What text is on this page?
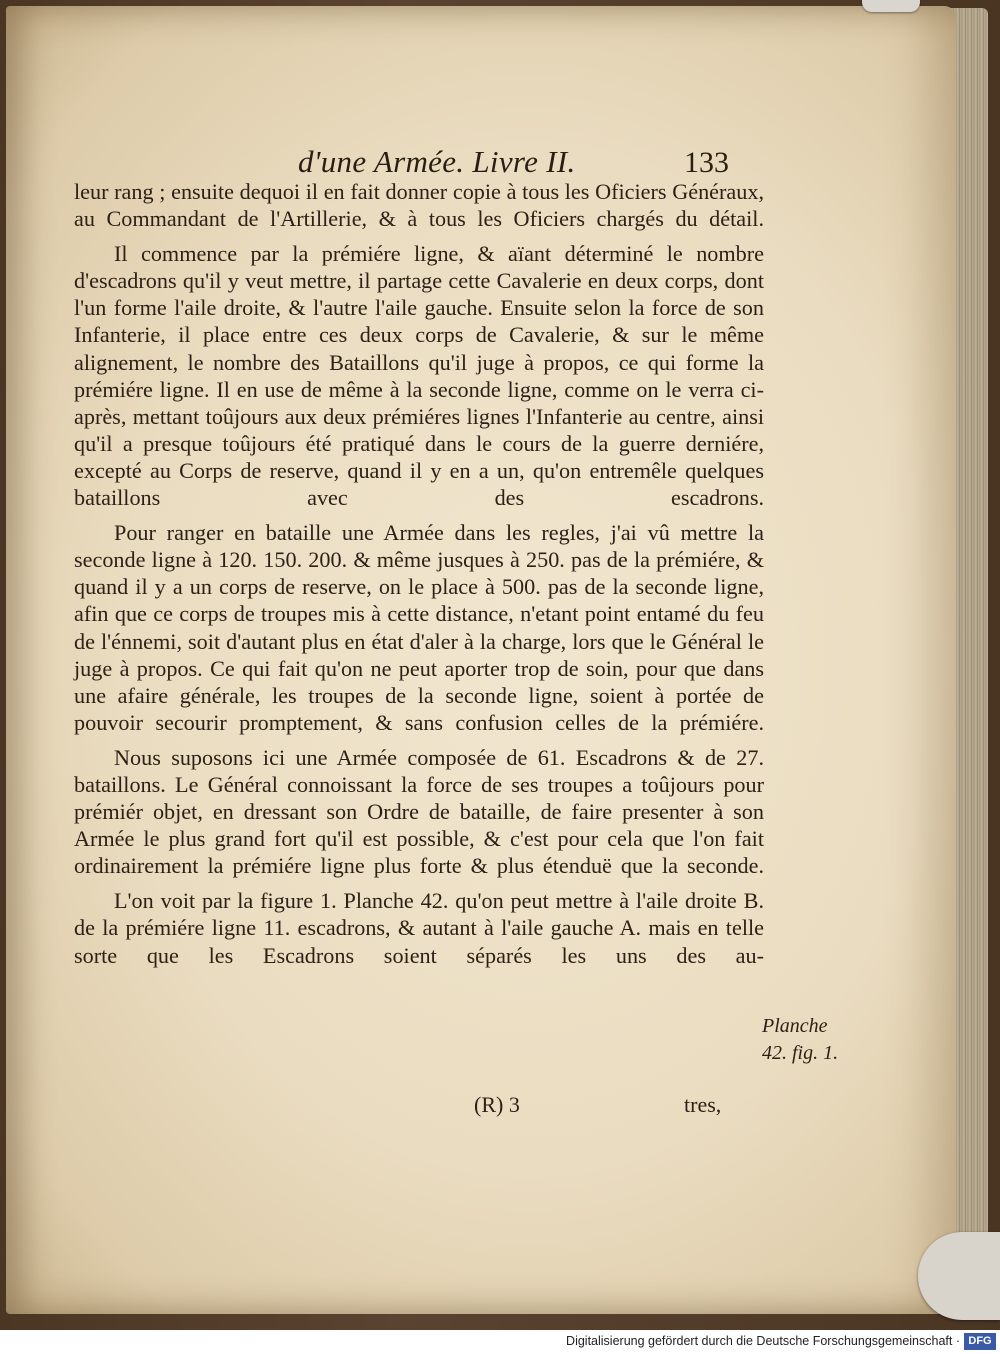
d'une Armée. Livre II.	133

leur rang ; ensuite dequoi il en fait donner copie à tous les Oficiers Généraux, au Commandant de l'Artillerie, & à tous les Oficiers chargés du détail.

Il commence par la prémiére ligne, & aïant déterminé le nombre d'escadrons qu'il y veut mettre, il partage cette Cavalerie en deux corps, dont l'un forme l'aile droite, & l'autre l'aile gauche. Ensuite selon la force de son Infanterie, il place entre ces deux corps de Cavalerie, & sur le même alignement, le nombre des Bataillons qu'il juge à propos, ce qui forme la prémiére ligne. Il en use de même à la seconde ligne, comme on le verra ci-après, mettant toûjours aux deux prémiéres lignes l'Infanterie au centre, ainsi qu'il a presque toûjours été pratiqué dans le cours de la guerre derniére, excepté au Corps de reserve, quand il y en a un, qu'on entremêle quelques bataillons avec des escadrons.

Pour ranger en bataille une Armée dans les regles, j'ai vû mettre la seconde ligne à 120. 150. 200. & même jusques à 250. pas de la prémiére, & quand il y a un corps de reserve, on le place à 500. pas de la seconde ligne, afin que ce corps de troupes mis à cette distance, n'etant point entamé du feu de l'énnemi, soit d'autant plus en état d'aler à la charge, lors que le Général le juge à propos. Ce qui fait qu'on ne peut aporter trop de soin, pour que dans une afaire générale, les troupes de la seconde ligne, soient à portée de pouvoir secourir promptement, & sans confusion celles de la prémiére.

Nous suposons ici une Armée composée de 61. Escadrons & de 27. bataillons. Le Général connoissant la force de ses troupes a toûjours pour prémiér objet, en dressant son Ordre de bataille, de faire presenter à son Armée le plus grand fort qu'il est possible, & c'est pour cela que l'on fait ordinairement la prémiére ligne plus forte & plus étenduë que la seconde.

L'on voit par la figure 1. Planche 42. qu'on peut mettre à l'aile droite B. de la prémiére ligne 11. escadrons, & autant à l'aile gauche A. mais en telle sorte que les Escadrons soient séparés les uns des au-

Planche
42. fig. 1.
(R) 3	tres,
Digitalisierung gefördert durch die Deutsche Forschungsgemeinschaft · DFG
